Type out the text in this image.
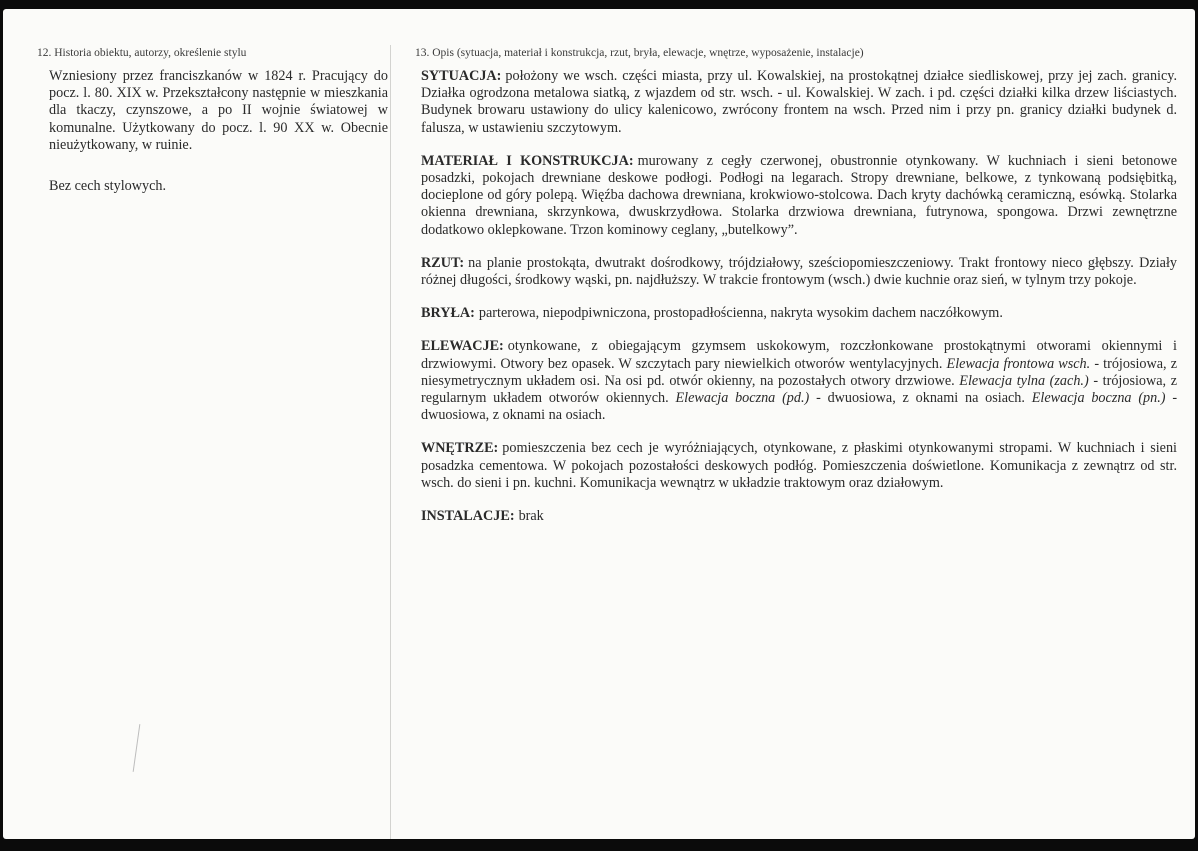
12. Historia obiektu, autorzy, określenie stylu

Wzniesiony przez franciszkanów w 1824 r. Pracujący do pocz. l. 80. XIX w. Przekształcony następnie w mieszkania dla tkaczy, czynszowe, a po II wojnie światowej w komunalne. Użytkowany do pocz. l. 90 XX w. Obecnie nieużytkowany, w ruinie.

Bez cech stylowych.

13. Opis (sytuacja, materiał i konstrukcja, rzut, bryła, elewacje, wnętrze, wyposażenie, instalacje)

SYTUACJA: położony we wsch. części miasta, przy ul. Kowalskiej, na prostokątnej działce siedliskowej, przy jej zach. granicy. Działka ogrodzona metalowa siatką, z wjazdem od str. wsch. - ul. Kowalskiej. W zach. i pd. części działki kilka drzew liściastych. Budynek browaru ustawiony do ulicy kalenicowo, zwrócony frontem na wsch. Przed nim i przy pn. granicy działki budynek d. falusza, w ustawieniu szczytowym.

MATERIAŁ I KONSTRUKCJA: murowany z cegły czerwonej, obustronnie otynkowany. W kuchniach i sieni betonowe posadzki, pokojach drewniane deskowe podłogi. Podłogi na legarach. Stropy drewniane, belkowe, z tynkowaną podsiębitką, docieplone od góry polepą. Więźba dachowa drewniana, krokwiowo-stolcowa. Dach kryty dachówką ceramiczną, esówką. Stolarka okienna drewniana, skrzynkowa, dwuskrzydłowa. Stolarka drzwiowa drewniana, futrynowa, spongowa. Drzwi zewnętrzne dodatkowo oklepkowane. Trzon kominowy ceglany, „butelkowy”.

RZUT: na planie prostokąta, dwutrakt dośrodkowy, trójdziałowy, sześciopomieszczeniowy. Trakt frontowy nieco głębszy. Działy różnej długości, środkowy wąski, pn. najdłuższy. W trakcie frontowym (wsch.) dwie kuchnie oraz sień, w tylnym trzy pokoje.

BRYŁA: parterowa, niepodpiwniczona, prostopadłościenna, nakryta wysokim dachem naczółkowym.

ELEWACJE: otynkowane, z obiegającym gzymsem uskokowym, rozczłonkowane prostokątnymi otworami okiennymi i drzwiowymi. Otwory bez opasek. W szczytach pary niewielkich otworów wentylacyjnych. Elewacja frontowa wsch. - trójosiowa, z niesymetrycznym układem osi. Na osi pd. otwór okienny, na pozostałych otwory drzwiowe. Elewacja tylna (zach.) - trójosiowa, z regularnym układem otworów okiennych. Elewacja boczna (pd.) - dwuosiowa, z oknami na osiach. Elewacja boczna (pn.) - dwuosiowa, z oknami na osiach.

WNĘTRZE: pomieszczenia bez cech je wyróżniających, otynkowane, z płaskimi otynkowanymi stropami. W kuchniach i sieni posadzka cementowa. W pokojach pozostałości deskowych podłóg. Pomieszczenia doświetlone. Komunikacja z zewnątrz od str. wsch. do sieni i pn. kuchni. Komunikacja wewnątrz w układzie traktowym oraz działowym.

INSTALACJE: brak
